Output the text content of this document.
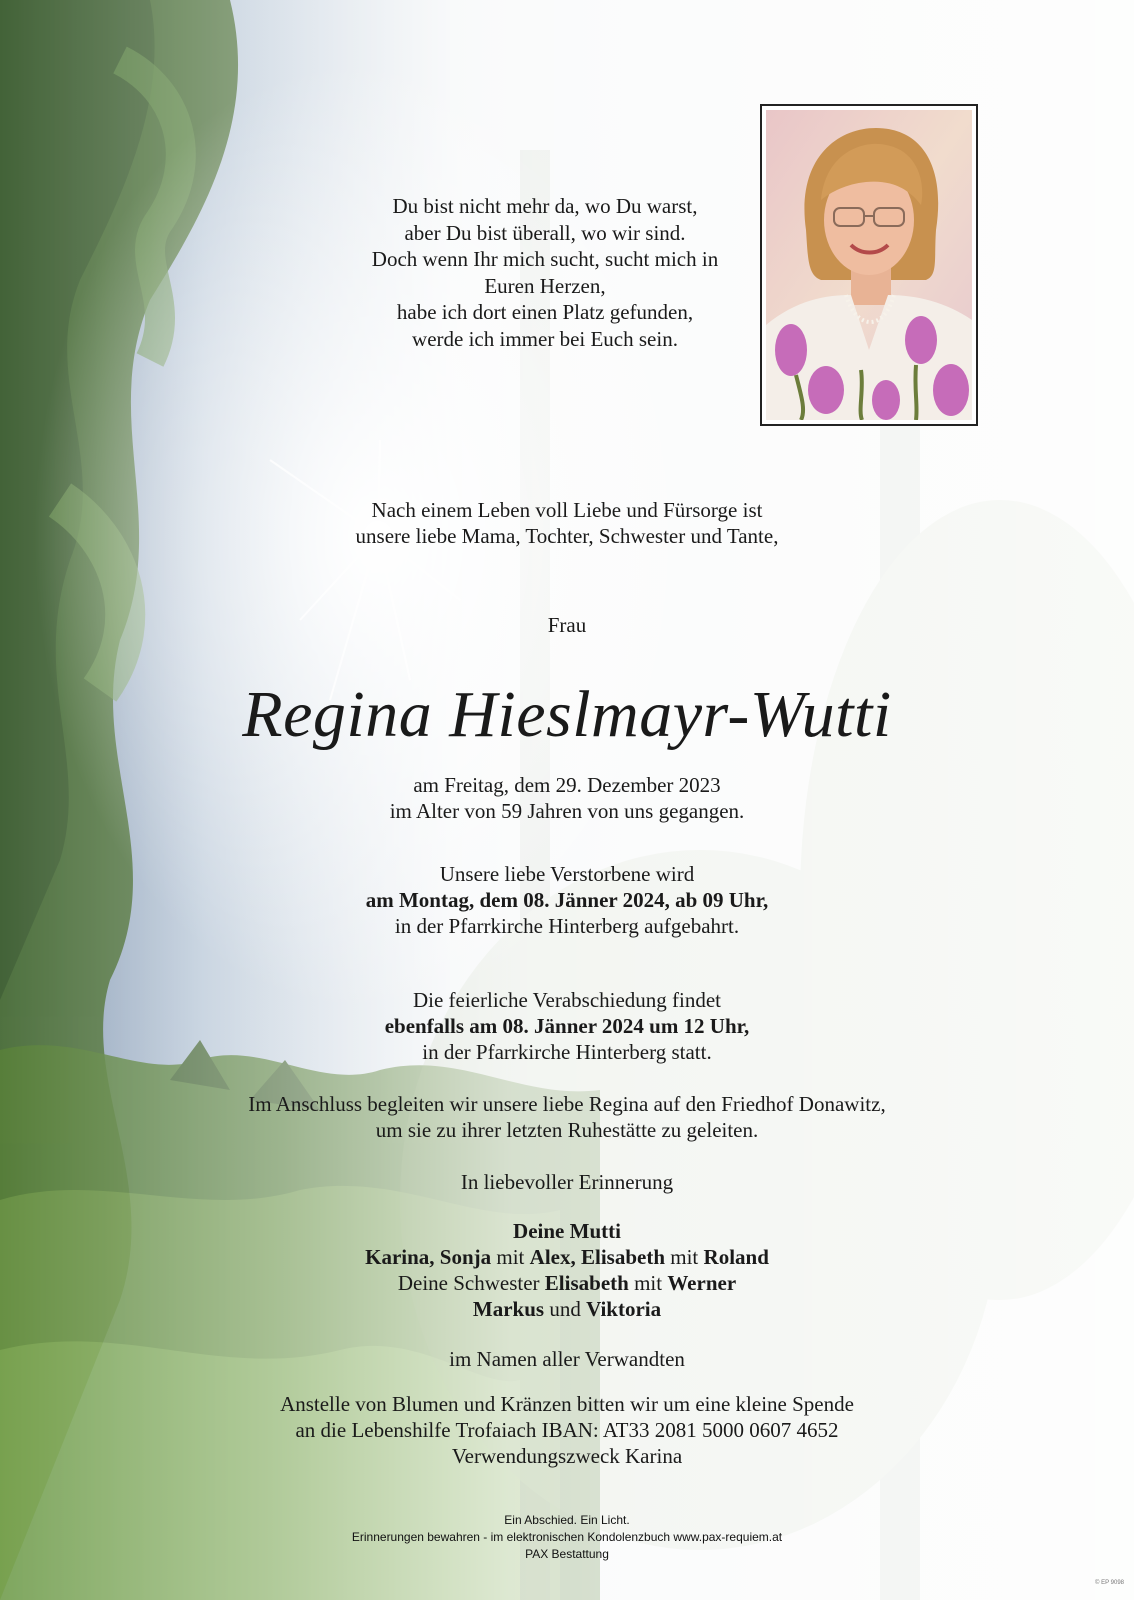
Du bist nicht mehr da, wo Du warst,
aber Du bist überall, wo wir sind.
Doch wenn Ihr mich sucht, sucht mich in
Euren Herzen,
habe ich dort einen Platz gefunden,
werde ich immer bei Euch sein.
Nach einem Leben voll Liebe und Fürsorge ist
unsere liebe Mama, Tochter, Schwester und Tante,
Frau
Regina Hieslmayr-Wutti
am Freitag, dem 29. Dezember 2023
im Alter von 59 Jahren von uns gegangen.
Unsere liebe Verstorbene wird
am Montag, dem 08. Jänner 2024, ab 09 Uhr,
in der Pfarrkirche Hinterberg aufgebahrt.
Die feierliche Verabschiedung findet
ebenfalls am 08. Jänner 2024 um 12 Uhr,
in der Pfarrkirche Hinterberg statt.
Im Anschluss begleiten wir unsere liebe Regina auf den Friedhof Donawitz,
um sie zu ihrer letzten Ruhestätte zu geleiten.
In liebevoller Erinnerung
Deine Mutti
Karina, Sonja mit Alex, Elisabeth mit Roland
Deine Schwester Elisabeth mit Werner
Markus und Viktoria
im Namen aller Verwandten
Anstelle von Blumen und Kränzen bitten wir um eine kleine Spende
an die Lebenshilfe Trofaiach IBAN: AT33 2081 5000 0607 4652
Verwendungszweck Karina
Ein Abschied. Ein Licht.
Erinnerungen bewahren - im elektronischen Kondolenzbuch www.pax-requiem.at
PAX Bestattung
© EP 9098
